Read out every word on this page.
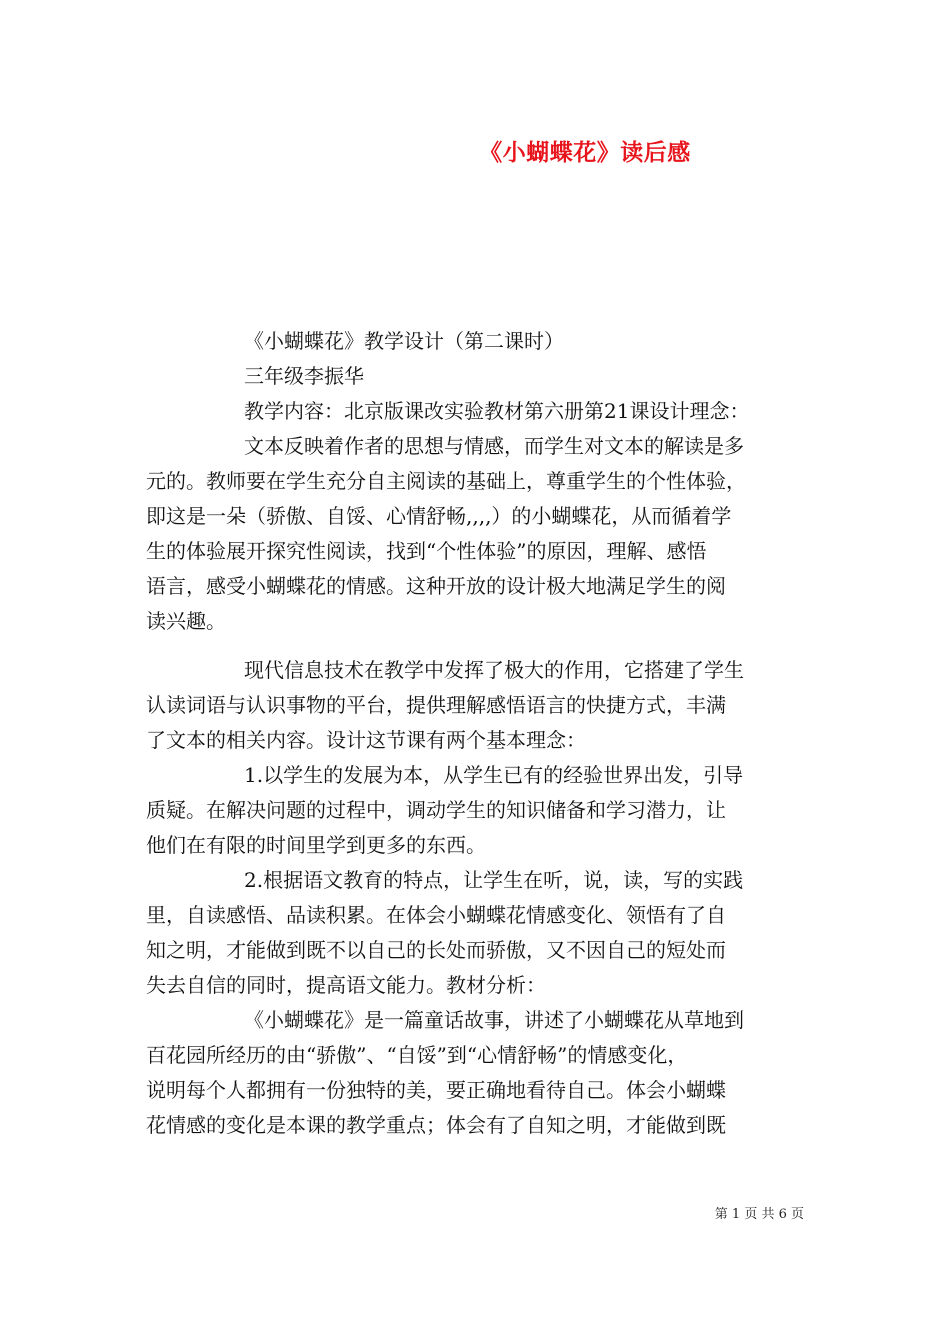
《小蝴蝶花》读后感
《小蝴蝶花》教学设计（第二课时）
三年级李振华
教学内容：北京版课改实验教材第六册第21课设计理念：
文本反映着作者的思想与情感，而学生对文本的解读是多
元的。教师要在学生充分自主阅读的基础上，尊重学生的个性体验，
即这是一朵（骄傲、自馁、心情舒畅,,,,）的小蝴蝶花，从而循着学
生的体验展开探究性阅读，找到“个性体验”的原因，理解、感悟
语言，感受小蝴蝶花的情感。这种开放的设计极大地满足学生的阅
读兴趣。
现代信息技术在教学中发挥了极大的作用，它搭建了学生
认读词语与认识事物的平台，提供理解感悟语言的快捷方式，丰满
了文本的相关内容。设计这节课有两个基本理念：
1.以学生的发展为本，从学生已有的经验世界出发，引导
质疑。在解决问题的过程中，调动学生的知识储备和学习潜力，让
他们在有限的时间里学到更多的东西。
2.根据语文教育的特点，让学生在听，说，读，写的实践
里，自读感悟、品读积累。在体会小蝴蝶花情感变化、领悟有了自
知之明，才能做到既不以自己的长处而骄傲，又不因自己的短处而
失去自信的同时，提高语文能力。教材分析：
《小蝴蝶花》是一篇童话故事，讲述了小蝴蝶花从草地到
百花园所经历的由“骄傲”、“自馁”到“心情舒畅”的情感变化，
说明每个人都拥有一份独特的美，要正确地看待自己。体会小蝴蝶
花情感的变化是本课的教学重点；体会有了自知之明，才能做到既
第 1 页 共 6 页
